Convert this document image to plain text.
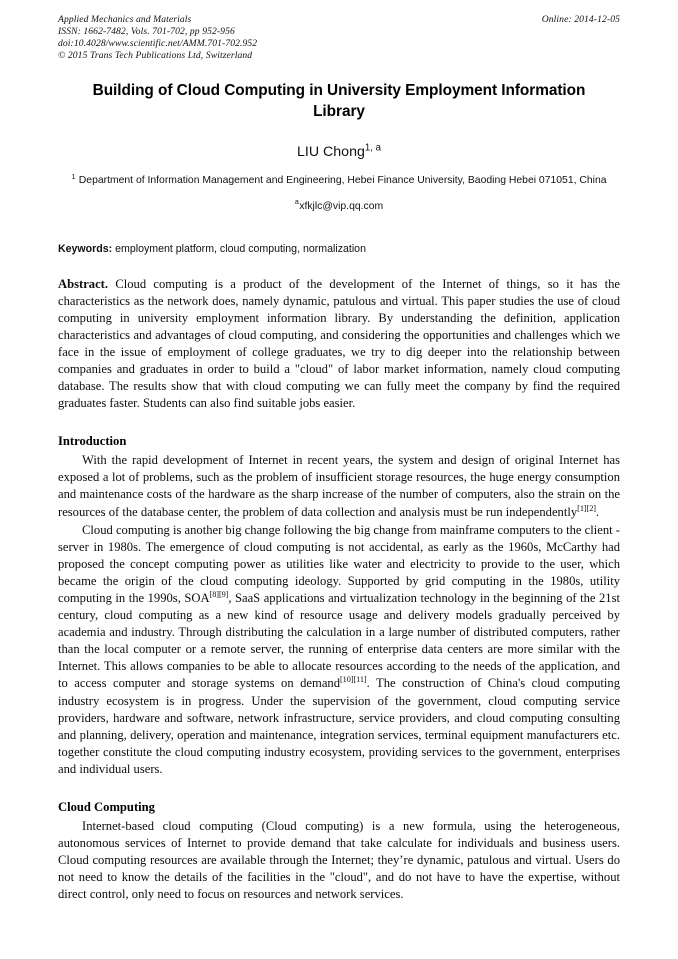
Applied Mechanics and Materials
ISSN: 1662-7482, Vols. 701-702, pp 952-956
doi:10.4028/www.scientific.net/AMM.701-702.952
© 2015 Trans Tech Publications Ltd, Switzerland
Online: 2014-12-05
Building of Cloud Computing in University Employment Information Library
LIU Chong$^{1, a}$
$^1$ Department of Information Management and Engineering, Hebei Finance University, Baoding Hebei 071051, China
$^a$xfkjlc@vip.qq.com
Keywords: employment platform, cloud computing, normalization
Abstract. Cloud computing is a product of the development of the Internet of things, so it has the characteristics as the network does, namely dynamic, patulous and virtual. This paper studies the use of cloud computing in university employment information library. By understanding the definition, application characteristics and advantages of cloud computing, and considering the opportunities and challenges which we face in the issue of employment of college graduates, we try to dig deeper into the relationship between companies and graduates in order to build a "cloud" of labor market information, namely cloud computing database. The results show that with cloud computing we can fully meet the company by find the required graduates faster. Students can also find suitable jobs easier.
Introduction

With the rapid development of Internet in recent years, the system and design of original Internet has exposed a lot of problems, such as the problem of insufficient storage resources, the huge energy consumption and maintenance costs of the hardware as the sharp increase of the number of computers, also the strain on the resources of the database center, the problem of data collection and analysis must be run independently[1][2].

Cloud computing is another big change following the big change from mainframe computers to the client - server in 1980s. The emergence of cloud computing is not accidental, as early as the 1960s, McCarthy had proposed the concept computing power as utilities like water and electricity to provide to the user, which became the origin of the cloud computing ideology. Supported by grid computing in the 1980s, utility computing in the 1990s, SOA[8][9], SaaS applications and virtualization technology in the beginning of the 21st century, cloud computing as a new kind of resource usage and delivery models gradually perceived by academia and industry. Through distributing the calculation in a large number of distributed computers, rather than the local computer or a remote server, the running of enterprise data centers are more similar with the Internet. This allows companies to be able to allocate resources according to the needs of the application, and to access computer and storage systems on demand[10][11]. The construction of China's cloud computing industry ecosystem is in progress. Under the supervision of the government, cloud computing service providers, hardware and software, network infrastructure, service providers, and cloud computing consulting and planning, delivery, operation and maintenance, integration services, terminal equipment manufacturers etc. together constitute the cloud computing industry ecosystem, providing services to the government, enterprises and individual users.

Cloud Computing

Internet-based cloud computing (Cloud computing) is a new formula, using the heterogeneous, autonomous services of Internet to provide demand that take calculate for individuals and business users. Cloud computing resources are available through the Internet; they’re dynamic, patulous and virtual. Users do not need to know the details of the facilities in the "cloud", and do not have to have the expertise, without direct control, only need to focus on resources and network services.
